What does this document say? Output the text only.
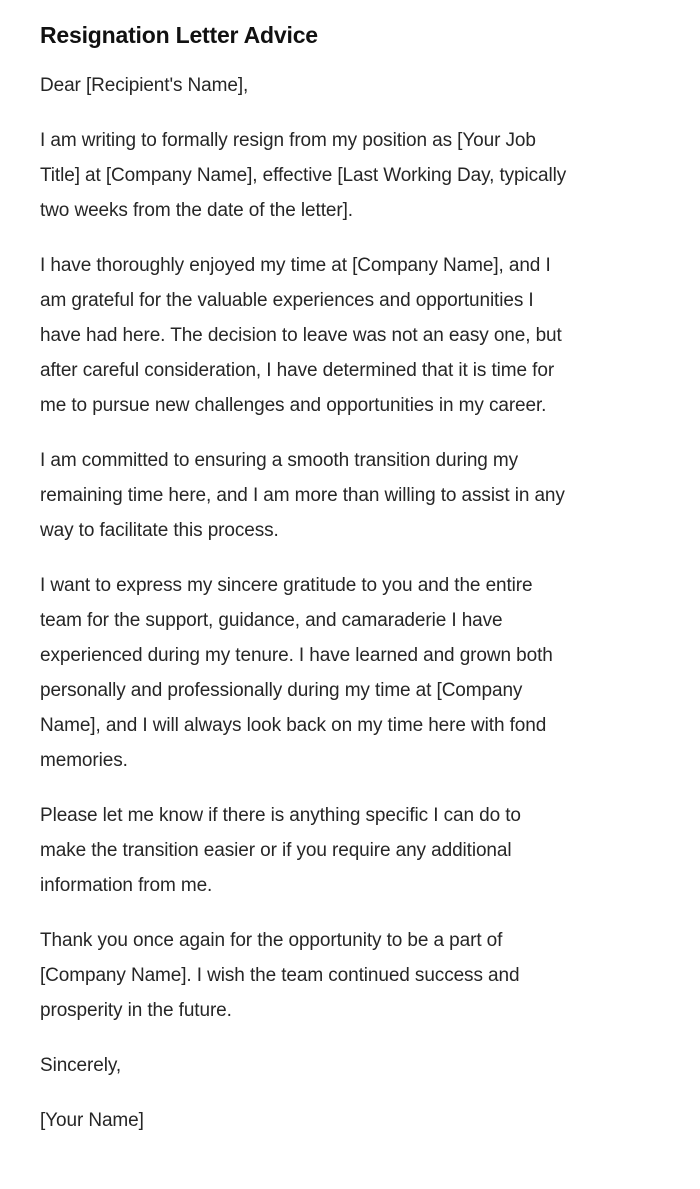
Resignation Letter Advice
Dear [Recipient's Name],
I am writing to formally resign from my position as [Your Job
Title] at [Company Name], effective [Last Working Day, typically
two weeks from the date of the letter].
I have thoroughly enjoyed my time at [Company Name], and I
am grateful for the valuable experiences and opportunities I
have had here. The decision to leave was not an easy one, but
after careful consideration, I have determined that it is time for
me to pursue new challenges and opportunities in my career.
I am committed to ensuring a smooth transition during my
remaining time here, and I am more than willing to assist in any
way to facilitate this process.
I want to express my sincere gratitude to you and the entire
team for the support, guidance, and camaraderie I have
experienced during my tenure. I have learned and grown both
personally and professionally during my time at [Company
Name], and I will always look back on my time here with fond
memories.
Please let me know if there is anything specific I can do to
make the transition easier or if you require any additional
information from me.
Thank you once again for the opportunity to be a part of
[Company Name]. I wish the team continued success and
prosperity in the future.
Sincerely,
[Your Name]
